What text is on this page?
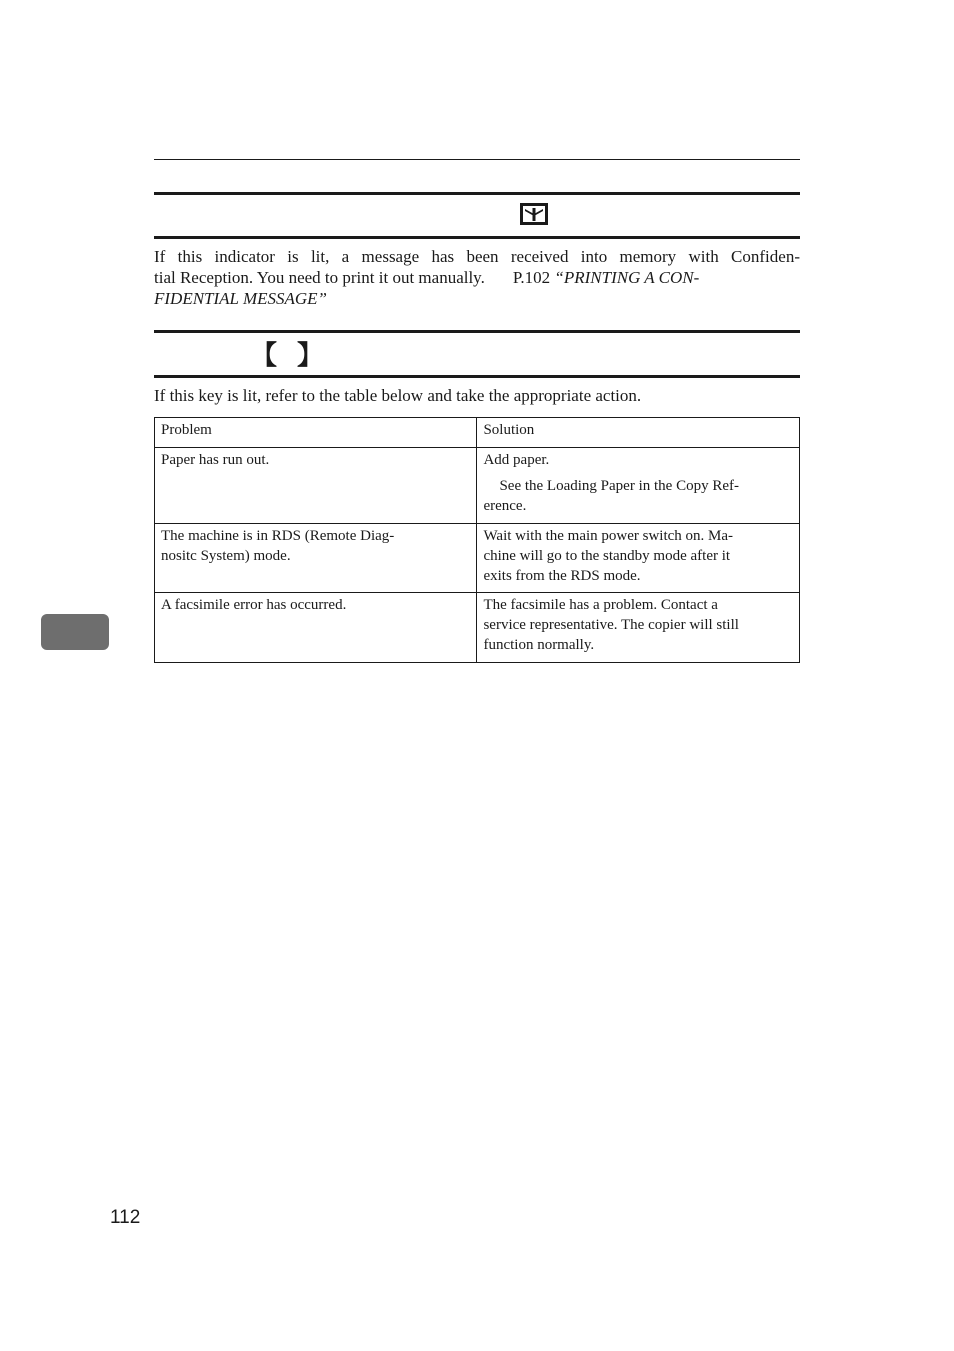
If this indicator is lit, a message has been received into memory with Confiden-
tial Reception. You need to print it out manually. P.102 “PRINTING A CON-
FIDENTIAL MESSAGE”
【 】
If this key is lit, refer to the table below and take the appropriate action.
Problem	Solution

Paper has run out.	Add paper.
See the Loading Paper in the Copy Ref-
erence.

The machine is in RDS (Remote Diag-
nositc System) mode.	Wait with the main power switch on. Ma-
chine will go to the standby mode after it
exits from the RDS mode.

A facsimile error has occurred.	The facsimile has a problem. Contact a
service representative. The copier will still
function normally.
112
